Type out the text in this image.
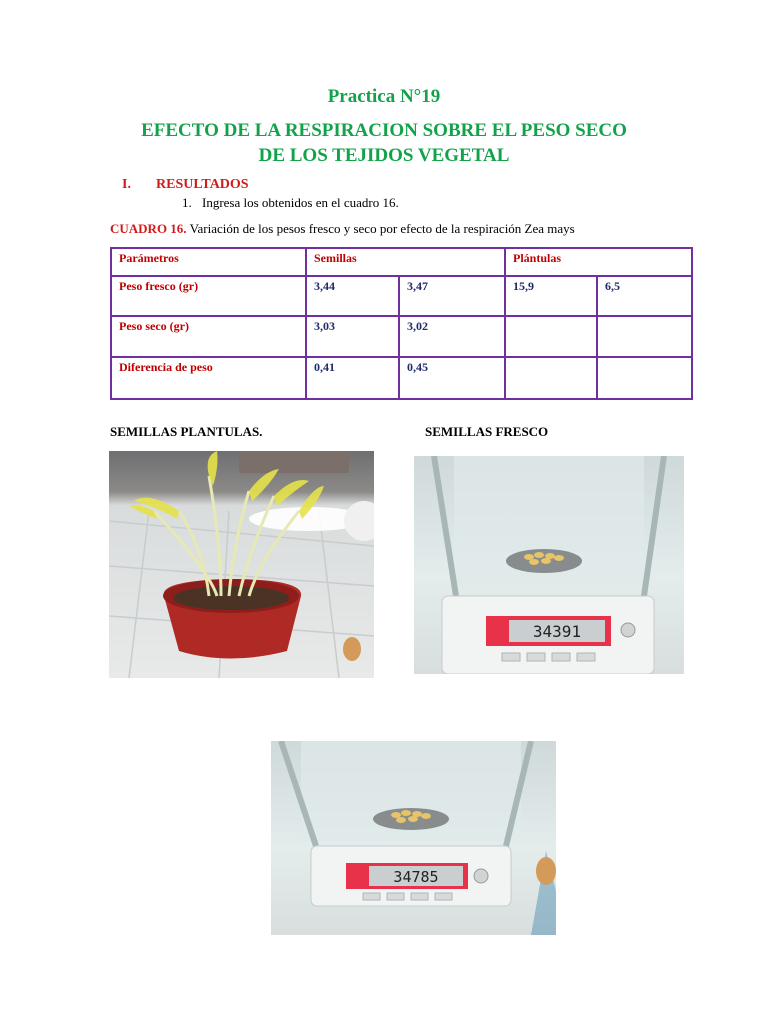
Practica N°19
EFECTO DE LA RESPIRACION SOBRE EL PESO SECO
DE LOS TEJIDOS VEGETAL
I. RESULTADOS
1. Ingresa los obtenidos en el cuadro 16.
CUADRO 16. Variación de los pesos fresco y seco por efecto de la respiración Zea mays
Parámetros	Semillas		Plántulas	
Peso fresco (gr)	3,44	3,47	15,9	6,5
Peso seco (gr)	3,03	3,02		
Diferencia de peso	0,41	0,45		
SEMILLAS PLANTULAS.	SEMILLAS FRESCO
34391
34785
